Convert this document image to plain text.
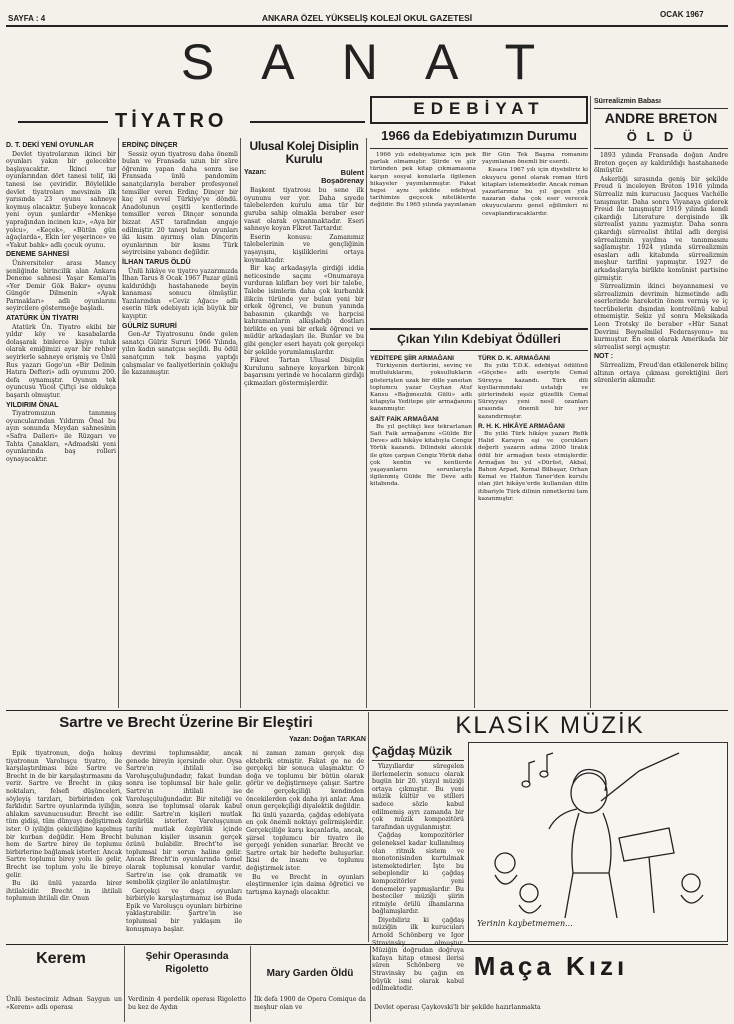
SAYFA : 4	ANKARA ÖZEL YÜKSELİŞ KOLEJİ OKUL GAZETESİ	OCAK 1967
S A N A T
TİYATRO
EDEBİYAT
D. T. DEKİ YENİ OYUNLAR
Devlet tiyatrolarının ikinci bir oyunları yakın bir gelecekte başlayacaktır. İkinci tur oyunlarından dört tanesi telif, iki tanesi ise çeviridir. Böylelikle devlet tiyatroları mevsimin ilk yarısında 23 oyunu sahneye koymuş olacaktır. Şubeye konacak yeni oyun şunlardır «Menkşe yaprağından incinen kız», «Aya bir yolcu», «Keçek», «Bütün gün ağaçlarda», Ekin ler yeşerince» ve «Yakut bahk» adlı çocuk oyunu.
DENEME SAHNESİ
Üniversiteler arası Mancy şenliğinde birincilik alan Ankara Deneme sahnesi Yaşar Kemal'in «Yer Demir Gök Bakır» oyunu Güngör Dilmenin «Ayak Parmakları» adlı oyunlarını seyircilere göstermeğe başladı.
ATATÜRK ÜN TİYATRI
Atatürk Ün. Tiyatro ekibi bir yıldır köy ve kasabalarda dolaşarak binlerce kişiye tuluk olarak emiğimizi ayar bir rehber seyirlerle sahneye erişmiş ve Ünlü Rus yazarı Gogo'un «Bir Delinin Hatıra Defteri» adlı oyununu 200. defa oynamıştır. Oyunun tek oyuncusu Yücel Çiftçi ise oldukça başarılı olmuştur.
YILDIRIM ÖNAL
Tiyatromuzun tanınmış oyuncularından Yıldırım Önal bu ayın sonunda Meydan sahnesinin «Safra Dalleri» ile Rüzgarı ve Tahta Çanakları, «Admadski yeni oyunlarında baş rolleri oynayacaktır.
ERDİNÇ DİNÇER
Sessiz oyun tiyatrosu daha önemli bulan ve Fransada uzun bir süre öğrenim yapan daha sonra ise Fransada ünlü pandomim sanatçılarıyla beraber profesyonel temsiller veren Erdinç Dinçer bir kaç yıl evvel Türkiye'ye döndü. Anadolunun çeşitli kentlerinde temsiller veren Dinçer sonunda bizzat AST tarafından angaje edilmiştir. 20 taneyi bulan oyunları iki kısım ayırmış olan Dinçerin oyunlarının bir kısmı Türk seyircisine yabancı değildir.
İLHAN TARUS ÖLDÜ
Ünlü hikâye ve tiyatro yazarımızda İlhan Tarus 8 Ocak 1967 Pazar günü kaldırıldığı hastahanede beyin kanaması sonucu ölmüştür. Yazılarından «Ceviz Ağacı» adlı eserin türk edebiyatı için büyük bir kayıptır.
GÜLRİZ SURURİ
Gen-Ar Tiyatrosunu önde gelen sanatçı Gülriz Sururi 1966 Yılında, yılın kadın sanatçısı seçildi. Bu ödül sanatçının tek başına yaptığı çalışmalar ve faaliyetlerinin çokluğu ile kazanmıştır.
Ulusal Kolej Disiplin Kurulu
Yazan:	Bülent Boşaörenay
Başkent tiyatrosu bu sene ilk oyununu ver yor. Daha sıyede talebelerden kurulu ama tür bir guruba sahip olmakla beraber eser vasat olarak oynanmaktadır. Eseri sahneye koyan Fikret Tartardır.
Eserin konusu: Zamanımız talebelerinin ve gençliğinin yaşayışını, kişiliklerini ortaya koymaktadır.
Bir kaç arkadaşıyla girdiği iddia neticesinde saçını «Onumaraya vurduran kılıfları bey veri bir talebe, Talebe isimlerin daha çok kurbanlık ilikcin türünde yer bulan yeni bir erkek öğrenci, ve bunun yanında babasının çıkardığı ve harpcisi kahramanların alkışladığı dostları birlikte en yeni bir erkek öğrenci ve müdür arkadaşları ile. Bunlar ve bu gibi gençler eseri hayatı çok gerçekçi bir şekilde yorumlamışlardır.
Fikret Tartan Ulusal Disiplin Kurulunu sahneye koyarken birçok başarısını yerinde ve hocaların girdiği çıkmazları göstermişlerdir.
1966 da Edebiyatımızın Durumu
1966 yılı edebiyatımız için pek parlak olmamıştır. Şiirde ve şiir türünden pek kitap çıkmamasına karşın sosyal konularla ilgilenen hikayeler yayımlanmıştır. Fakat hepsi aynı şekilde edebiyat tarihimize geçecek niteliklerde değildir. Bu 1965 yılında yayınlanan Bir Gün Tek Başına romanını yayımlanan önemli bir eserdi.
Kısaca 1967 yılı için diyebiliriz ki okuyucu genel olarak roman türü kitapları istemektedir. Ancak roman yazarlarımız bu yıl geçen yıla nazaran daha çok eser verecek okuyucularını genel eğilimleri ni cevaplandıracaklardır.
Çıkan Yılın Kdebiyat Ödülleri
YEDİTEPE ŞİİR ARMAĞANI
Türkiyenin dertlerini, sevinç ve mutluluklarını, yoksullukların gösterişten uzak bir dille yansıtan toplumcu yazar Ceyhan Atuf Kansu «Bağımsızlık Gülü» adlı kitapıyla Yeditepe şiir armağanını kazanmıştır.
SAİT FAİK ARMAĞANI
Bu yıl geçtikçi kez tekrarlanan Sait Faik armağanını «Gülde Bir Deve» adlı hikâye kitabıyla Cengiz Yörük kazandı. Dilindeki akıcılık ile göze çarpan Cengiz Yörük daha çok kentin ve kentlerde yaşayanların sorunlarıyla ilgilenmiş Gülde Bir Deve adlı kitabında.
TÜRK D. K. ARMAĞANI
Bu yılki T.D.K. edebiyat ödülünü «Göçebe» adlı eseriyle Cemal Süreyya kazandı. Türk dili kıyıllarınındaki ustalığı ve şiirlerindeki eşsiz güzellik Cemal Süreyyayı yeni nesil ozanları arasında önemli bir yer kazandırmıştır.
R. H. K. HİKÂYE ARMAĞANI
Bu yılki Türk hikâye yazarı Refik Halid Karayın eşi ve çocukları değerli yazarın adına 2000 liralık ödül bir armağan tesis etmişlerdir. Armağan bu yıl «Dürüst, Akbal, Bahon Arpad, Kemal Bilbaşar, Orhan Kemal ve Haldun Taner'den kurulu olan jüri hikâye'erde kullanılan dilin itibariyle Türk dilinin nimetlerini tam kazanmıştır.
Sürrealizmin Babası
ANDRE BRETON
Ö L D Ü
1893 yılında Fransada doğan Andre Breton geçen ay kaldırıldığı hastahanede ölmüştür.
Askerliği sırasında geniş bir şekilde Freud ü inceleyen Breton 1916 yılında Sürrealiz min kurucusu Jacques Vachélle tanışmıştır. Daha sonra Viyanaya giderek Freud ile tanışmıştır 1919 yılında kendi çıkardığı Literature dergisinde ilk sürrealist yazını yazmıştır. Daha sonra çıkardığı sürrealist ihtilal adlı dergisi sürrealizmin yayılma ve tanınmasını sağlamıştır. 1924 yılında sürrealizmin esasları adlı kitabında sürrealizmin meşhur tarifini yapmıştır. 1927 de arkadaşlarıyla birlikte komünist partisine girmiştir.
Sürrealizmin ikinci beyannamesi ve sürrealizmin devrimin hizmetinde adlı eserlerinde hareketin önem vermiş ve iç tecrübelerin dışından kontrolünü kabul etmemiştir. Sekiz yıl sonra Meksikada Leon Trotsky ile beraber «Hür Sanat Devrimi Beynelmilel Federasyonu» nu kurmuştur. En son olarak Amerikada bir sürrealist sergi açmıştır.
NOT :
Sürrealizm, Freud'dan etkilenerek bilinç altının ortaya çıkması gerektiğini ileri sürenlerin akımıdır.
Sartre ve Brecht Üzerine Bir Eleştiri
Yazan: Doğan TARKAN
Epik tiyatronun, doğa hokuş tiyatronun Varoluşçu tiyatro, ile karşılaştırılması bize Sartre ve Brecht in de bir karşılaştırmasını da verir. Sartre ve Brecht in çıkış noktaları, felsefi düşünceleri, söyleyiş tarzları, birbirinden çok farklıdır. Sartre oyunlarında iyiliğin, ahlakın savunucusudur. Brecht ise tüm gidişi, tüm dünyayı değiştirmek ister. O iyiliğin çekiciliğine kapılmış bir kurban değildir. Hem Brecht hem de Sartre birey ile toplumu birbirlerine bağlamak isterler. Ancak Sartre toplumu birey yolu ile gelir, Brecht ise toplum yolu ile bireye gelir.
Bu iki ünlü yazarda birer ihtilalcidir. Brecht in ihtilali toplumun ihtilali dir. Onun
devrimi toplumsaldır, ancak genede bireyin içersinde olur. Oysa Sartre'ın ihtilali ise Varoluşçuluğundadır, fakat bundan sonra ise toplumsal bir hale gelir. Sartre'ın ihtilali ise Varoluşçuluğundadır. Bir niteliği ve sonra ise toplumsal olarak kabul edilir. Sartre'ın kişileri mutlak özgürlük isterler. Varoluşçunun tarihi mutlak özgürlük içinde bulunan kişiler insanın gerçek özünü bulabilir. Brecht'te ise toplumsal bir sorun haline gelir. Ancak Brecht'in oyunlarında temel olarak toplumsal konular vardır, Sartre'ın ise çok dramatik ve sembolik çizgiler ile anlatılmıştır.
Gerçekçi ve dışçı oyunları birbiriyle karşılaştırmamız ise Buda Epik ve Varoluşçu oyunları birbirine yaklaştırabilir. Şartre'in ise toplumsal bir yaklaşım ile konuşmaya başlar.
ni zaman zaman gerçek dışı ektebrik etmiştir. Fakat ge ne de gerçekçi bir sonuca ulaşmaktır. O doğa ve toplumu bir bütün olarak görür ve değiştirmeye çalışır. Sartre de gerçekçiliği kendinden öncekilerden çok daha iyi anlar. Ama onun gerçekçiliği diyalektik değildir.
İki ünlü yazarda, çağdaş edebiyata en çok önemli noktayı gelirmişlerdir. Gerçekçiliğe karşı kaçanlarla, ancak, şiirsel toplumcu bir tiyatro ile gerçeği yeniden sunarlar. Brecht ve Sartre ortak bir hedefte buluşurlar. İkisi de insanı ve toplumu değiştirmek ister.
Bu ve Brecht in oyunları eleştirmenler için daima öğretici ve tartışma kaynağı olacaktır.
KLASİK MÜZİK
Çağdaş Müzik
Yüzyıllardır süregelen ilerlemelerin sonucu olarak bugün bir 20. yüzyıl müziği ortaya çıkmıştır. Bu yeni müzik kültür ve stilleri sadece sözle kabul edilmemiş ayrı zamanda bir çok müzik kompozitörü tarafından uygulanmıştır.
Çağdaş kompozitörler geleneksel kadar kullanılmış olan ritmik sistem ve monotonisinden kurtulmak istemektedirler. İşte bu sebeplendir ki çağdaş kompozitörler yeni denemeler yapmışlardır. Bu besteciler müziği şiirin ritmiyle örülü ilhamlarına bağlamışlardır.
Diyebiliriz ki çağdaş müziğin ilk kurucuları Arnold Schönberg ve Igor Stravinsky olmuştur. Müziğin doğrudan doğruya kafaya hitap etmesi ilerisi süren Schönberg ve Stravinsky bu çağın en büyük ismi olarak kabul edilmektedir.
Yerinin kaybetmemen...
Kerem
Ünlü bestecimiz Adnan Saygun un «Kerem» adlı operası
Şehir Operasında Rigoletto
Verdinin 4 perdelik operası Rigoletto bu kez de Aydın
Mary Garden Öldü
İlk defa 1900 de Opera Comique da meşhur olan ve
Maça Kızı
Devlet operası Çaykovski'li bir şekilde hazırlanmakta
